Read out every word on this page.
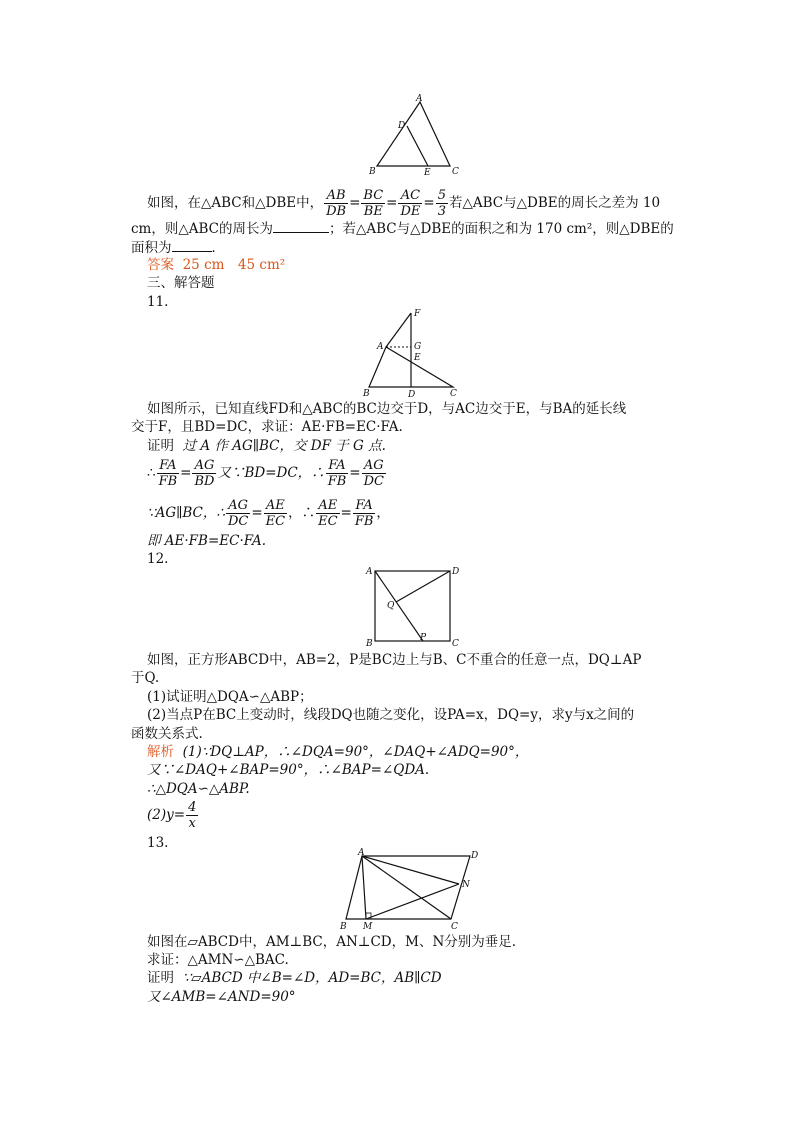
A
D
B	E C
如图，在△ABC和△DBE中， $\frac{AB}{DB} = \frac{BC}{BE} = \frac{AC}{DE} = \frac{5}{3}$ 若△ABC与△DBE的周长之差为 10
cm，则△ABC的周长为	；若△ABC与△DBE的面积之和为 170 cm²，则△DBE的
面积为	．
答案 25 cm　45 cm²
三、解答题
11.
F
A	G
E
B	D	C
如图所示，已知直线FD和△ABC的BC边交于D，与AC边交于E，与BA的延长线
交于F，且BD=DC，求证：AE·FB=EC·FA.
证明 过 A 作 AG∥BC，交 DF 于 G 点.
∴ $\frac{FA}{FB} = \frac{AG}{BD}$ 又∵BD=DC，∴ $\frac{FA}{FB} = \frac{AG}{DC}$
∵AG∥BC，∴ $\frac{AG}{DC} = \frac{AE}{EC}$ ，∴ $\frac{AE}{EC} = \frac{FA}{FB}$ ，
即 AE·FB=EC·FA.
12.
A	D
Q
B
P
C
如图，正方形ABCD中，AB=2，P是BC边上与B、C不重合的任意一点，DQ⊥AP
于Q.
(1)试证明△DQA∽△ABP；
(2)当点P在BC上变动时，线段DQ也随之变化，设PA=x，DQ=y，求y与x之间的
函数关系式.
解析 (1)∵DQ⊥AP，∴∠DQA=90°，∠DAQ+∠ADQ=90°，
又∵∠DAQ+∠BAP=90°，∴∠BAP=∠QDA.
∴△DQA∽△ABP.
$(2)y= \frac{4}{x}$
13.
A	D
N
B M	C
如图在▱ABCD中，AM⊥BC，AN⊥CD，M、N分别为垂足.
求证：△AMN∽△BAC.
证明 ∵▱ABCD 中∠B=∠D，AD=BC，AB∥CD
又∠AMB=∠AND=90°
